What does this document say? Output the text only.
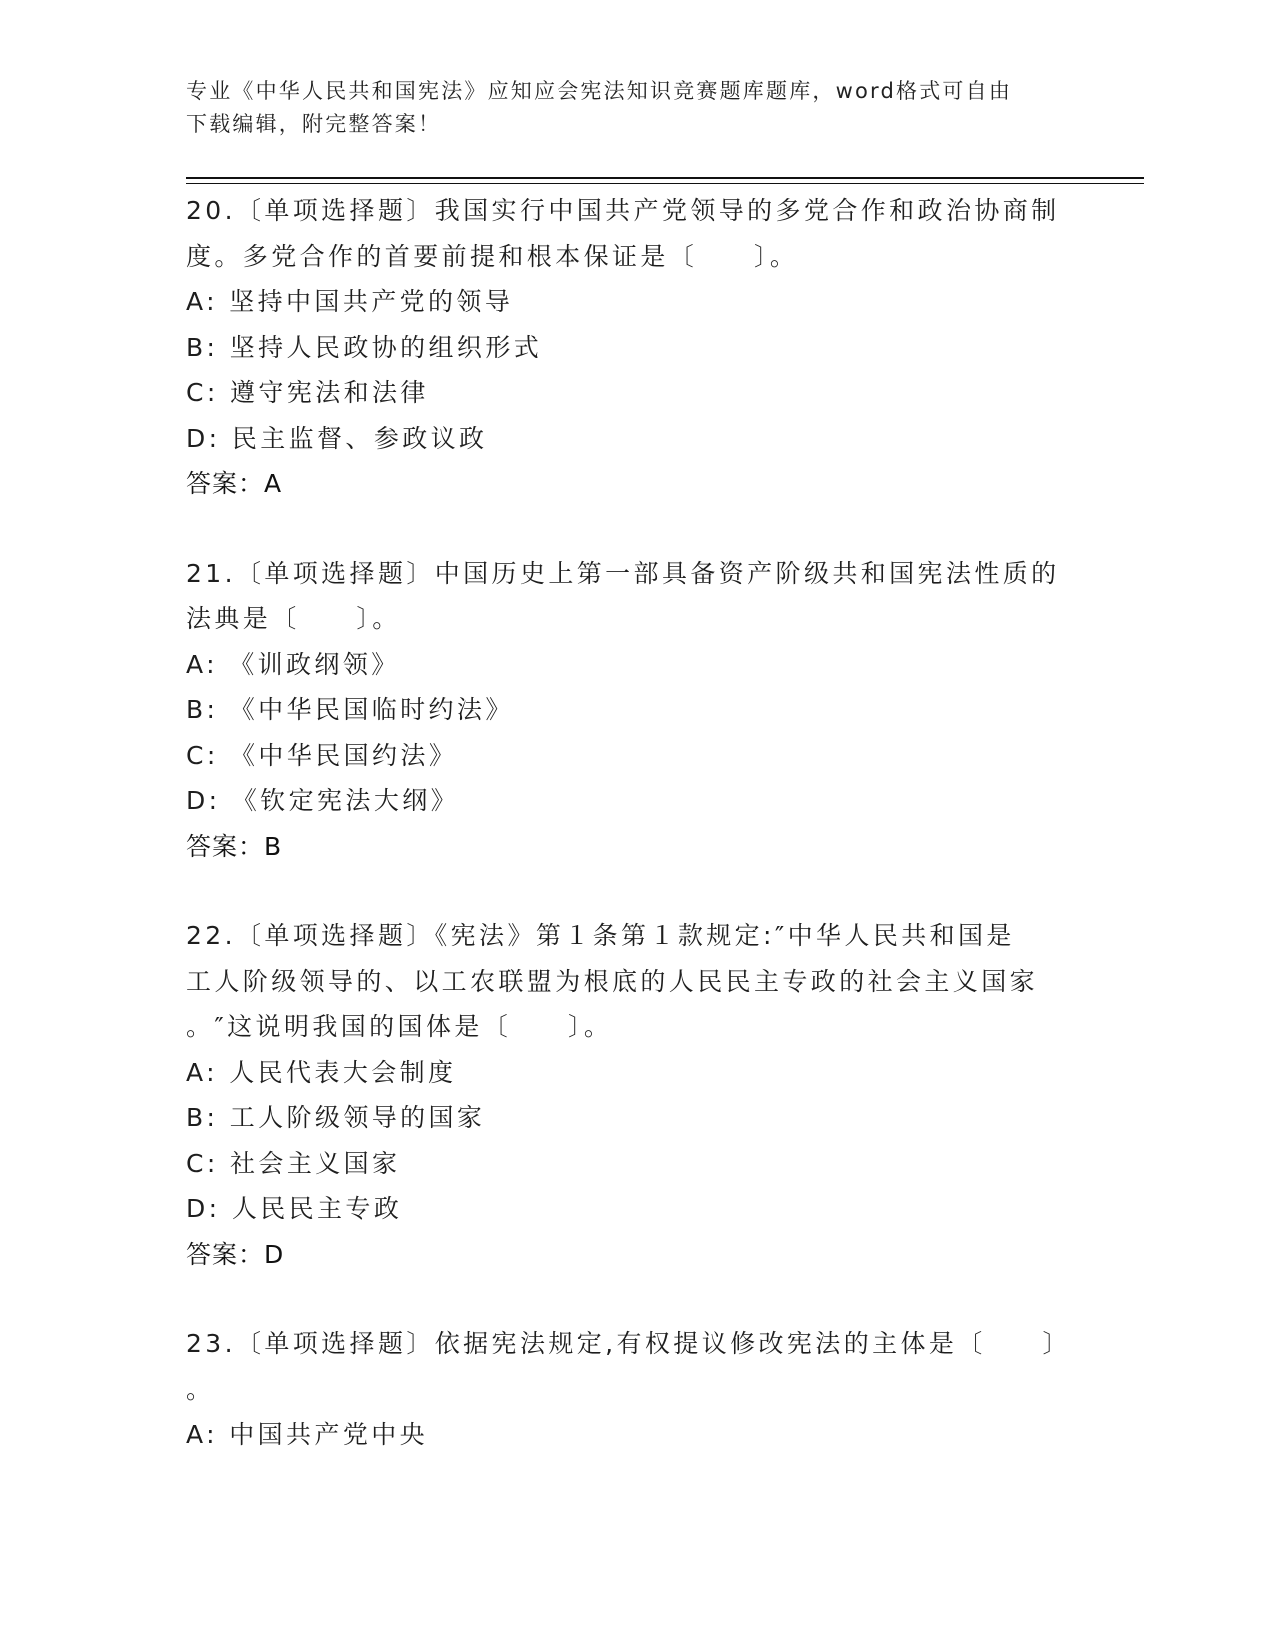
专业《中华人民共和国宪法》应知应会宪法知识竞赛题库题库，word格式可自由
下载编辑，附完整答案！
20.〔单项选择题〕我国实行中国共产党领导的多党合作和政治协商制
度。多党合作的首要前提和根本保证是〔　　〕。
A: 坚持中国共产党的领导
B: 坚持人民政协的组织形式
C: 遵守宪法和法律
D: 民主监督、参政议政
答案：A
21.〔单项选择题〕中国历史上第一部具备资产阶级共和国宪法性质的
法典是〔　　〕。
A: 《训政纲领》
B: 《中华民国临时约法》
C: 《中华民国约法》
D: 《钦定宪法大纲》
答案：B
22.〔单项选择题〕《宪法》第１条第１款规定:″中华人民共和国是
工人阶级领导的、以工农联盟为根底的人民民主专政的社会主义国家
。″这说明我国的国体是〔　　〕。
A: 人民代表大会制度
B: 工人阶级领导的国家
C: 社会主义国家
D: 人民民主专政
答案：D
23.〔单项选择题〕依据宪法规定,有权提议修改宪法的主体是〔　　〕
。
A: 中国共产党中央
